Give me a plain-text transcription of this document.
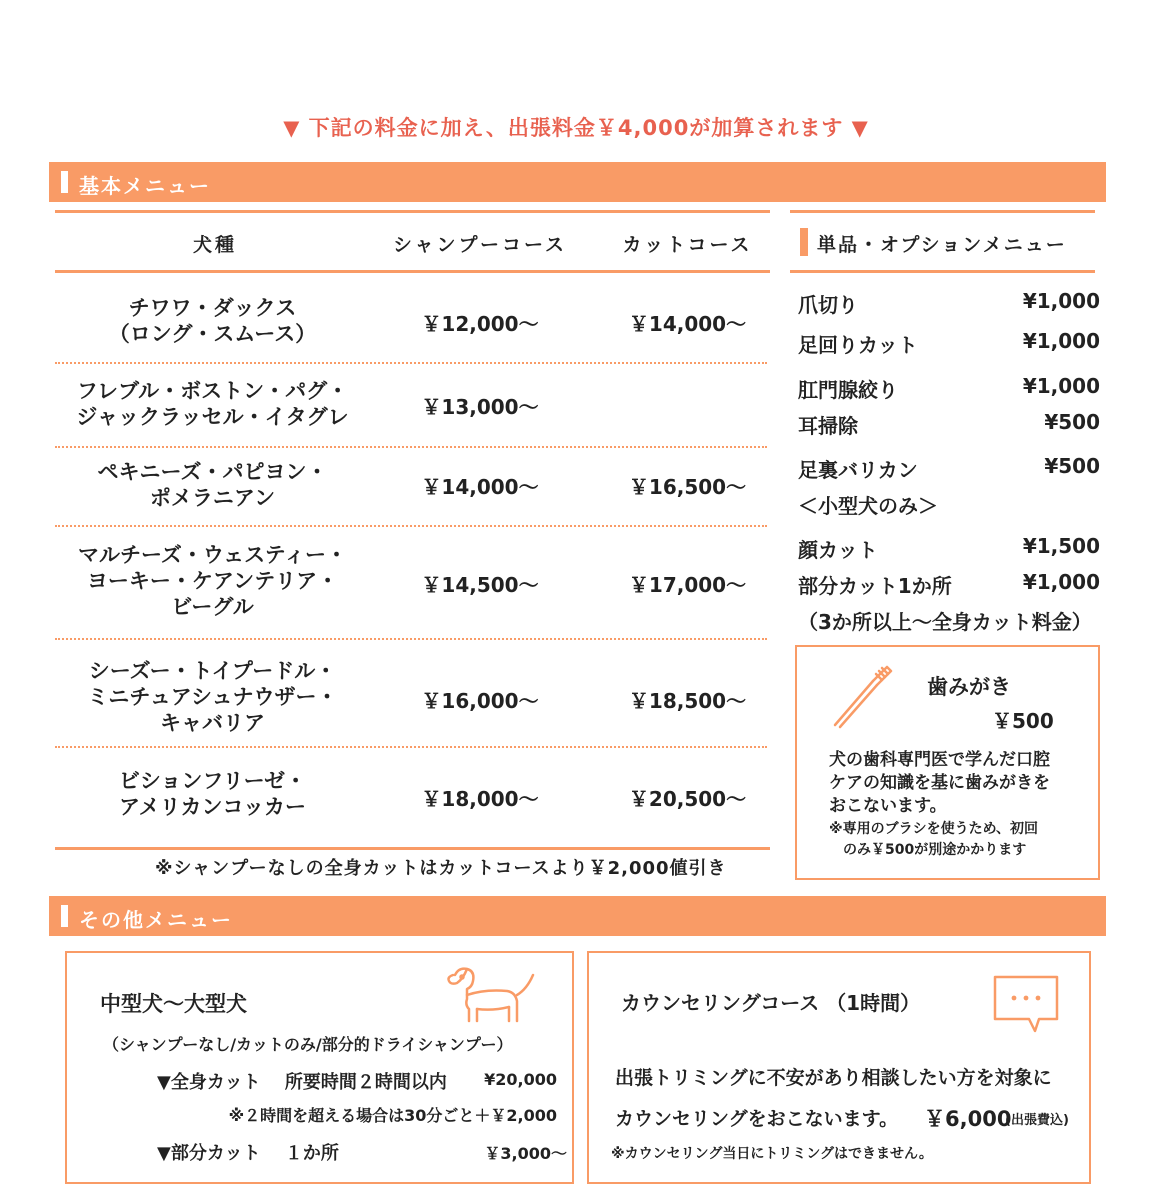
▼ 下記の料金に加え、出張料金￥4,000が加算されます ▼
基本メニュー
犬種	シャンプーコース	カットコース
チワワ・ダックス
（ロング・スムース）	￥12,000～	￥14,000～
フレブル・ボストン・パグ・
ジャックラッセル・イタグレ	￥13,000～
ペキニーズ・パピヨン・
ポメラニアン	￥14,000～	￥16,500～
マルチーズ・ウェスティー・
ヨーキー・ケアンテリア・
ビーグル
￥14,500～	￥17,000～
シーズー・トイプードル・
ミニチュアシュナウザー・
キャバリア
￥16,000～	￥18,500～
ビションフリーゼ・
アメリカンコッカー	￥18,000～	￥20,500～
※シャンプーなしの全身カットはカットコースより￥2,000値引き
単品・オプションメニュー
爪切り	¥1,000
足回りカット	¥1,000
肛門腺絞り	¥1,000
耳掃除	¥500
足裏バリカン	¥500
＜小型犬のみ＞
顔カット	¥1,500
部分カット1か所	¥1,000
（3か所以上～全身カット料金）
歯みがき
￥500
犬の歯科専門医で学んだ口腔
ケアの知識を基に歯みがきを
おこないます。
※専用のブラシを使うため、初回
　のみ￥500が別途かかります
その他メニュー
中型犬～大型犬
（シャンプーなし/カットのみ/部分的ドライシャンプー）
▼全身カット　 所要時間２時間以内	¥20,000
※２時間を超える場合は30分ごと＋￥2,000
▼部分カット　 １か所	￥3,000～
カウンセリングコース （1時間）
出張トリミングに不安があり相談したい方を対象に
カウンセリングをおこないます。 ￥6,000
(出張費込)
※カウンセリング当日にトリミングはできません。
